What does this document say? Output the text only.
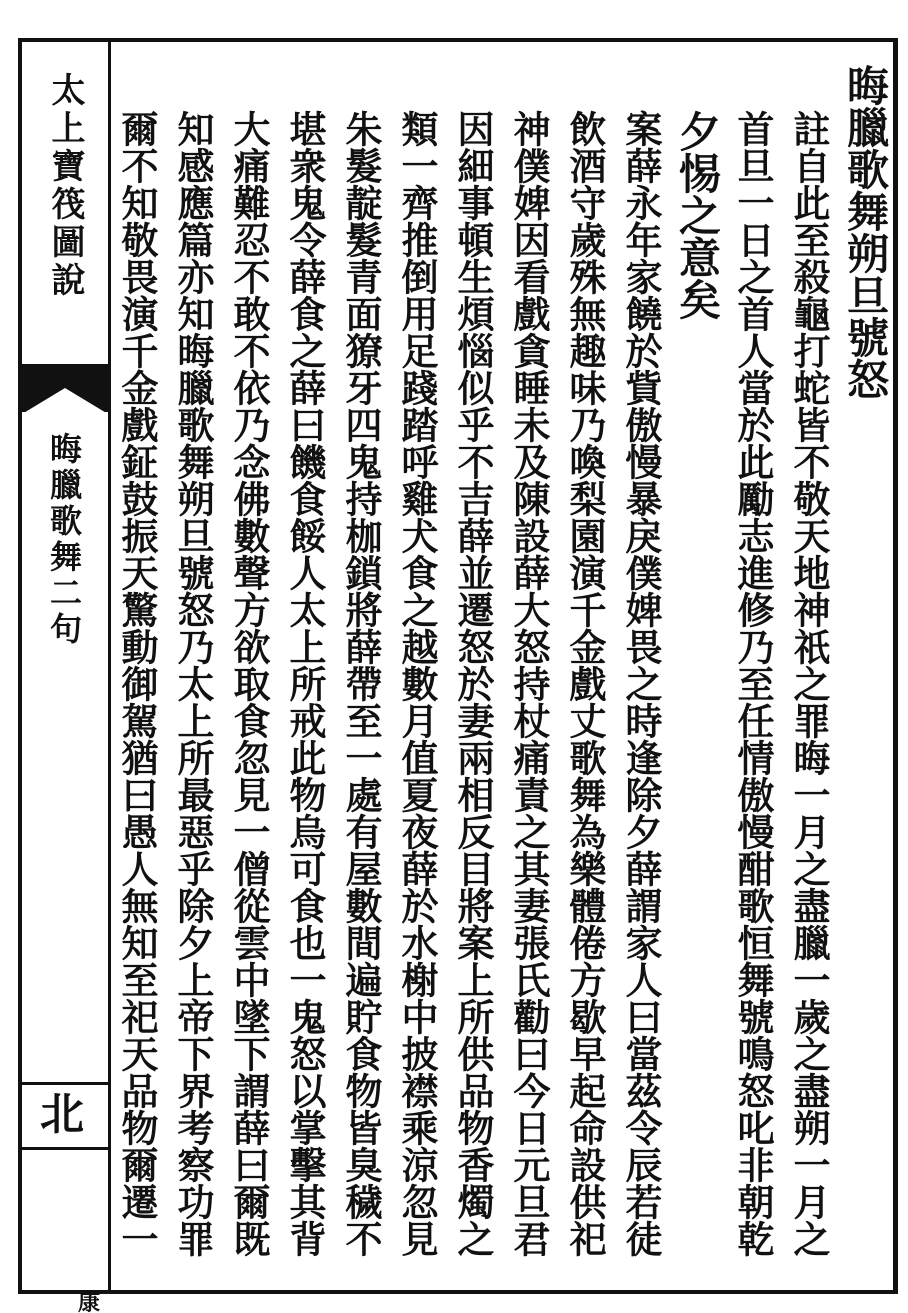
太上寶筏圖說
晦臘歌舞二句
北
康
晦臘歌舞朔旦號怒
註自此至殺龜打蛇皆不敬天地神祇之罪晦一月之盡臘一歲之盡朔一月之
首旦一日之首人當於此勵志進修乃至任情傲慢酣歌恒舞號鳴怒叱非朝乾
夕惕之意矣
案薛永年家饒於貲傲慢暴戾僕婢畏之時逢除夕薛謂家人曰當茲令辰若徒
飲酒守歲殊無趣味乃喚梨園演千金戲丈歌舞為樂體倦方歇早起命設供祀
神僕婢因看戲貪睡未及陳設薛大怒持杖痛責之其妻張氏勸曰今日元旦君
因細事頓生煩惱似乎不吉薛並遷怒於妻兩相反目將案上所供品物香燭之
類一齊推倒用足踐踏呼雞犬食之越數月值夏夜薛於水榭中披襟乘涼忽見
朱髮靛髮青面獠牙四鬼持枷鎖將薛帶至一處有屋數間遍貯食物皆臭穢不
堪衆鬼令薛食之薛曰饑食餒人太上所戒此物烏可食也一鬼怒以掌擊其背
大痛難忍不敢不依乃念佛數聲方欲取食忽見一僧從雲中墜下謂薛曰爾既
知感應篇亦知晦臘歌舞朔旦號怒乃太上所最惡乎除夕上帝下界考察功罪
爾不知敬畏演千金戲鉦鼓振天驚動御駕猶曰愚人無知至祀天品物爾遷一
